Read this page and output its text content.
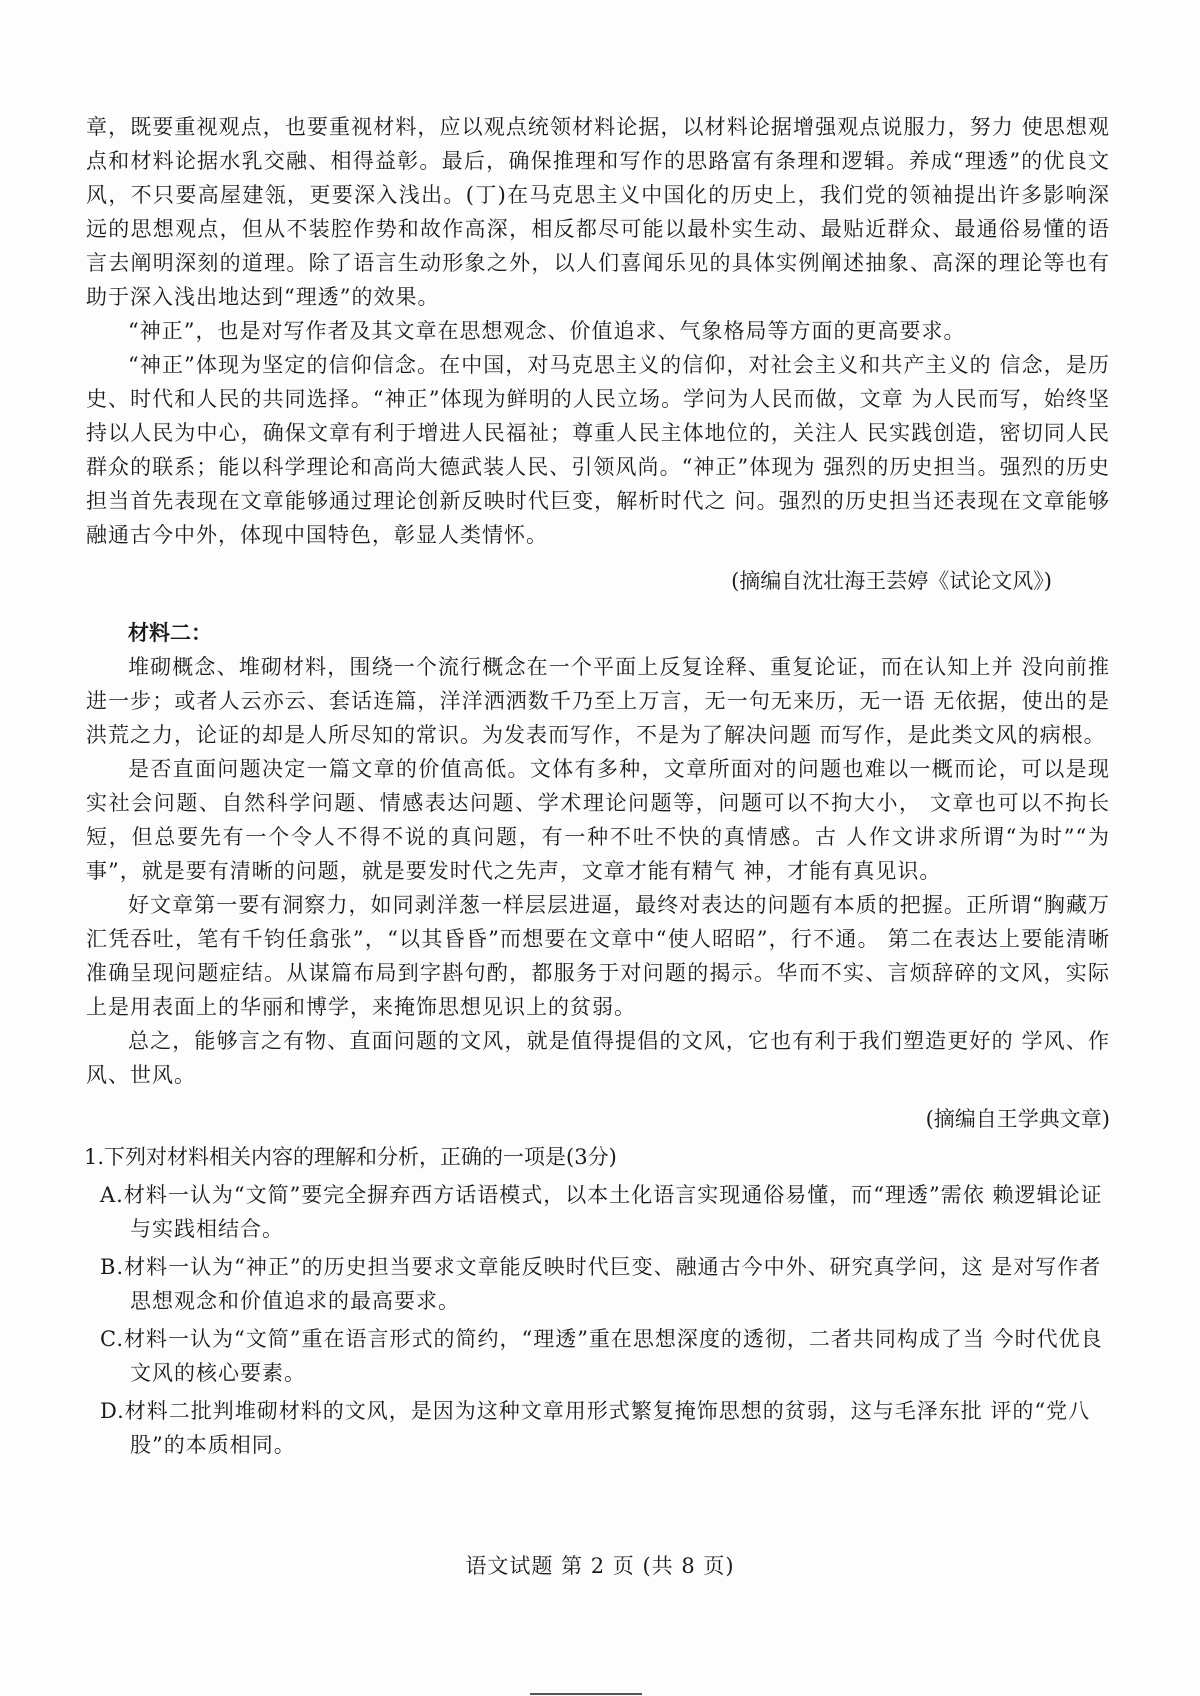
章，既要重视观点，也要重视材料，应以观点统领材料论据，以材料论据增强观点说服力，努力 使思想观点和材料论据水乳交融、相得益彰。最后，确保推理和写作的思路富有条理和逻辑。养成“理透”的优良文风，不只要高屋建瓴，更要深入浅出。(丁)在马克思主义中国化的历史上，我们党的领袖提出许多影响深远的思想观点，但从不装腔作势和故作高深，相反都尽可能以最朴实生动、最贴近群众、最通俗易懂的语言去阐明深刻的道理。除了语言生动形象之外，以人们喜闻乐见的具体实例阐述抽象、高深的理论等也有助于深入浅出地达到“理透”的效果。

“神正”，也是对写作者及其文章在思想观念、价值追求、气象格局等方面的更高要求。

“神正”体现为坚定的信仰信念。在中国，对马克思主义的信仰，对社会主义和共产主义的 信念，是历史、时代和人民的共同选择。“神正”体现为鲜明的人民立场。学问为人民而做，文章 为人民而写，始终坚持以人民为中心，确保文章有利于增进人民福祉；尊重人民主体地位的，关注人 民实践创造，密切同人民群众的联系；能以科学理论和高尚大德武装人民、引领风尚。“神正”体现为 强烈的历史担当。强烈的历史担当首先表现在文章能够通过理论创新反映时代巨变，解析时代之 问。强烈的历史担当还表现在文章能够融通古今中外，体现中国特色，彰显人类情怀。

(摘编自沈壮海王芸婷《试论文风》)

材料二：

堆砌概念、堆砌材料，围绕一个流行概念在一个平面上反复诠释、重复论证，而在认知上并 没向前推进一步；或者人云亦云、套话连篇，洋洋洒洒数千乃至上万言，无一句无来历，无一语 无依据，使出的是洪荒之力，论证的却是人所尽知的常识。为发表而写作，不是为了解决问题 而写作，是此类文风的病根。

是否直面问题决定一篇文章的价值高低。文体有多种，文章所面对的问题也难以一概而论，可以是现实社会问题、自然科学问题、情感表达问题、学术理论问题等，问题可以不拘大小， 文章也可以不拘长短，但总要先有一个令人不得不说的真问题，有一种不吐不快的真情感。古 人作文讲求所谓“为时”“为事”，就是要有清晰的问题，就是要发时代之先声，文章才能有精气 神，才能有真见识。

好文章第一要有洞察力，如同剥洋葱一样层层进逼，最终对表达的问题有本质的把握。正所谓“胸藏万汇凭吞吐，笔有千钧任翕张”，“以其昏昏”而想要在文章中“使人昭昭”，行不通。 第二在表达上要能清晰准确呈现问题症结。从谋篇布局到字斟句酌，都服务于对问题的揭示。华而不实、言烦辞碎的文风，实际上是用表面上的华丽和博学，来掩饰思想见识上的贫弱。

总之，能够言之有物、直面问题的文风，就是值得提倡的文风，它也有利于我们塑造更好的 学风、作风、世风。

(摘编自王学典文章)

1.下列对材料相关内容的理解和分析，正确的一项是(3分)

A.材料一认为“文简”要完全摒弃西方话语模式，以本土化语言实现通俗易懂，而“理透”需依 赖逻辑论证与实践相结合。

B.材料一认为“神正”的历史担当要求文章能反映时代巨变、融通古今中外、研究真学问，这 是对写作者思想观念和价值追求的最高要求。

C.材料一认为“文简”重在语言形式的简约，“理透”重在思想深度的透彻，二者共同构成了当 今时代优良文风的核心要素。

D.材料二批判堆砌材料的文风，是因为这种文章用形式繁复掩饰思想的贫弱，这与毛泽东批 评的“党八股”的本质相同。

语文试题 第 2 页 (共 8 页)
